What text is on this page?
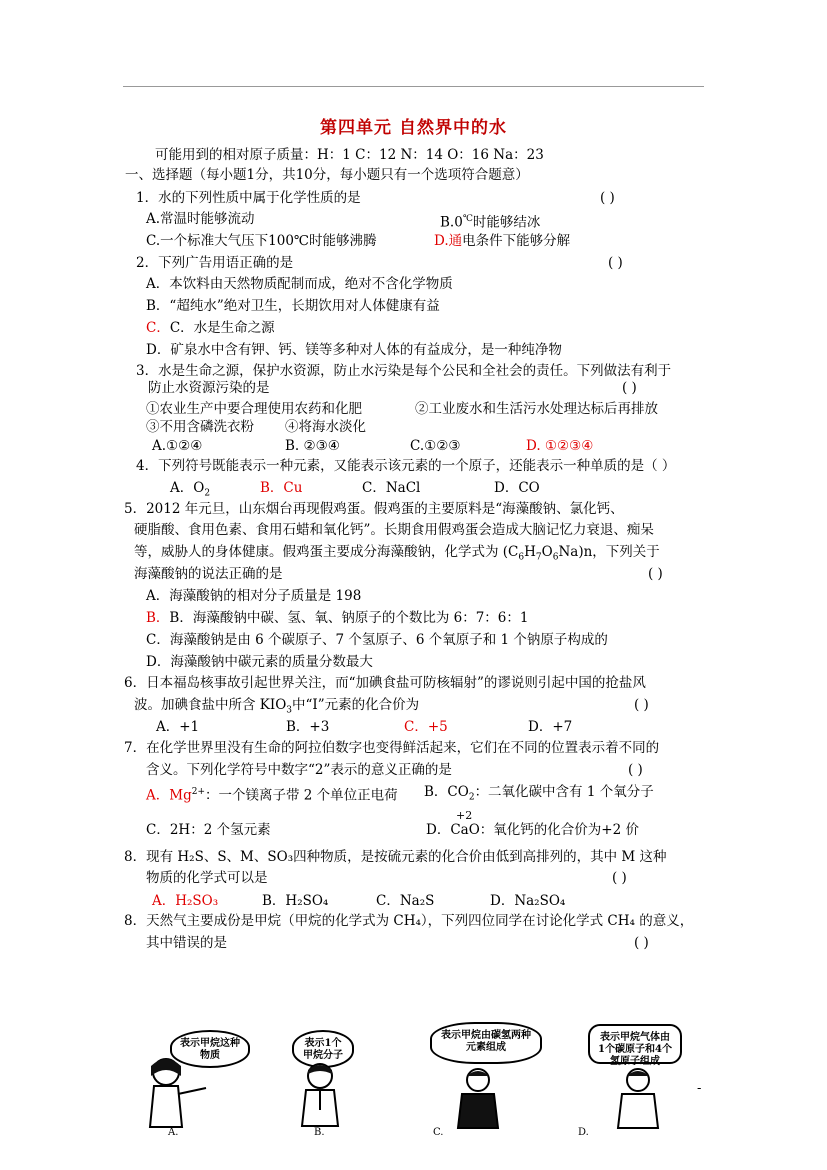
第四单元 自然界中的水
可能用到的相对原子质量：H：1 C：12 N：14 O：16 Na：23
一、选择题（每小题1分，共10分，每小题只有一个选项符合题意）
1．水的下列性质中属于化学性质的是	( )
A.常温时能够流动	B.0℃时能够结冰
C.一个标准大气压下100℃时能够沸腾	D.通电条件下能够分解
2．下列广告用语正确的是	( )
A．本饮料由天然物质配制而成，绝对不含化学物质
B．“超纯水”绝对卫生，长期饮用对人体健康有益
C．C．水是生命之源
D．矿泉水中含有钾、钙、镁等多种对人体的有益成分，是一种纯净物
3．水是生命之源，保护水资源，防止水污染是每个公民和全社会的责任。下列做法有利于
防止水资源污染的是	( )
①农业生产中要合理使用农药和化肥	②工业废水和生活污水处理达标后再排放
③不用含磷洗衣粉 ④将海水淡化
A.①②④	B. ②③④	C.①②③	D. ①②③④
4．下列符号既能表示一种元素，又能表示该元素的一个原子，还能表示一种单质的是（ ）
A．$O_2$	B．Cu	C．NaCl	D．CO
5．2012 年元旦，山东烟台再现假鸡蛋。假鸡蛋的主要原料是“海藻酸钠、氯化钙、
硬脂酸、食用色素、食用石蜡和氧化钙”。长期食用假鸡蛋会造成大脑记忆力衰退、痴呆
等，威胁人的身体健康。假鸡蛋主要成分海藻酸钠，化学式为 $(C_6H_7O_6Na)n$，下列关于
海藻酸钠的说法正确的是	( )
A．海藻酸钠的相对分子质量是 198
B．B．海藻酸钠中碳、氢、氧、钠原子的个数比为 6：7：6：1
C．海藻酸钠是由 6 个碳原子、7 个氢原子、6 个氧原子和 1 个钠原子构成的
D．海藻酸钠中碳元素的质量分数最大
6．日本福岛核事故引起世界关注，而“加碘食盐可防核辐射”的谬说则引起中国的抢盐风
波。加碘食盐中所含 $KIO_3$中“I”元素的化合价为	( )
A．+1	B．+3	C．+5	D．+7
7．在化学世界里没有生命的阿拉伯数字也变得鲜活起来，它们在不同的位置表示着不同的
含义。下列化学符号中数字“2”表示的意义正确的是	( )
A．$Mg^{2+}$：一个镁离子带 2 个单位正电荷 B．$CO_2$：二氧化碳中含有 1 个氧分子
+2
C．2H：2 个氢元素	D．CaO：氧化钙的化合价为+2 价
8．现有 H₂S、S、M、SO₃四种物质，是按硫元素的化合价由低到高排列的，其中 M 这种
物质的化学式可以是	( )
A．H₂SO₃	B．H₂SO₄	C．Na₂S	D．Na₂SO₄
8．天然气主要成份是甲烷（甲烷的化学式为 CH₄），下列四位同学在讨论化学式 CH₄ 的意义，
其中错误的是	( )
表示甲烷这种物质
A.
表示1个甲烷分子
B.
表示甲烷由碳氢两种元素组成
C.
表示甲烷气体由1个碳原子和4个氢原子组成
D.
-
